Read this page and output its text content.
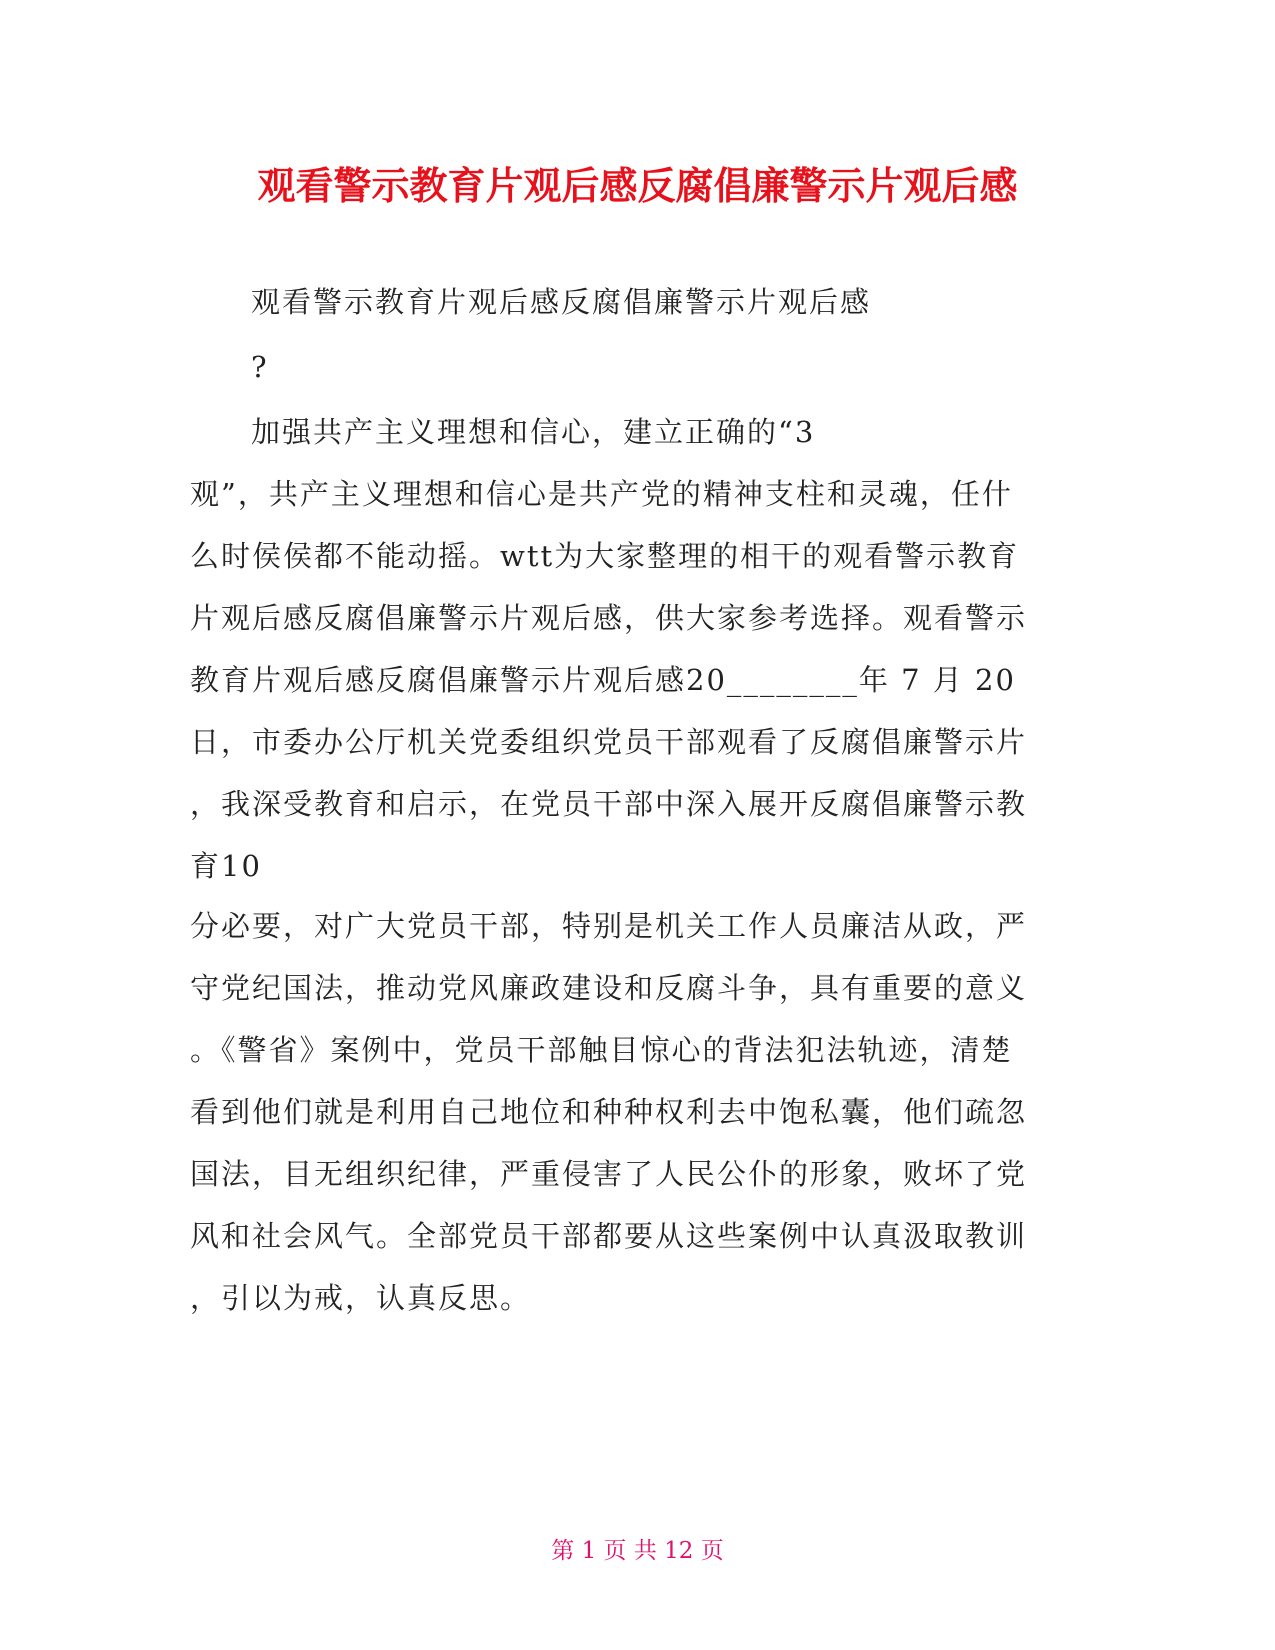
观看警示教育片观后感反腐倡廉警示片观后感
观看警示教育片观后感反腐倡廉警示片观后感
?
加强共产主义理想和信心，建立正确的“3
观”，共产主义理想和信心是共产党的精神支柱和灵魂，任什
么时侯侯都不能动摇。wtt为大家整理的相干的观看警示教育
片观后感反腐倡廉警示片观后感，供大家参考选择。观看警示
教育片观后感反腐倡廉警示片观后感20________年 7 月 20
日，市委办公厅机关党委组织党员干部观看了反腐倡廉警示片
，我深受教育和启示，在党员干部中深入展开反腐倡廉警示教
育10
分必要，对广大党员干部，特别是机关工作人员廉洁从政，严
守党纪国法，推动党风廉政建设和反腐斗争，具有重要的意义
。《警省》案例中，党员干部触目惊心的背法犯法轨迹，清楚
看到他们就是利用自己地位和种种权利去中饱私囊，他们疏忽
国法，目无组织纪律，严重侵害了人民公仆的形象，败坏了党
风和社会风气。全部党员干部都要从这些案例中认真汲取教训
，引以为戒，认真反思。
第 1 页 共 12 页
